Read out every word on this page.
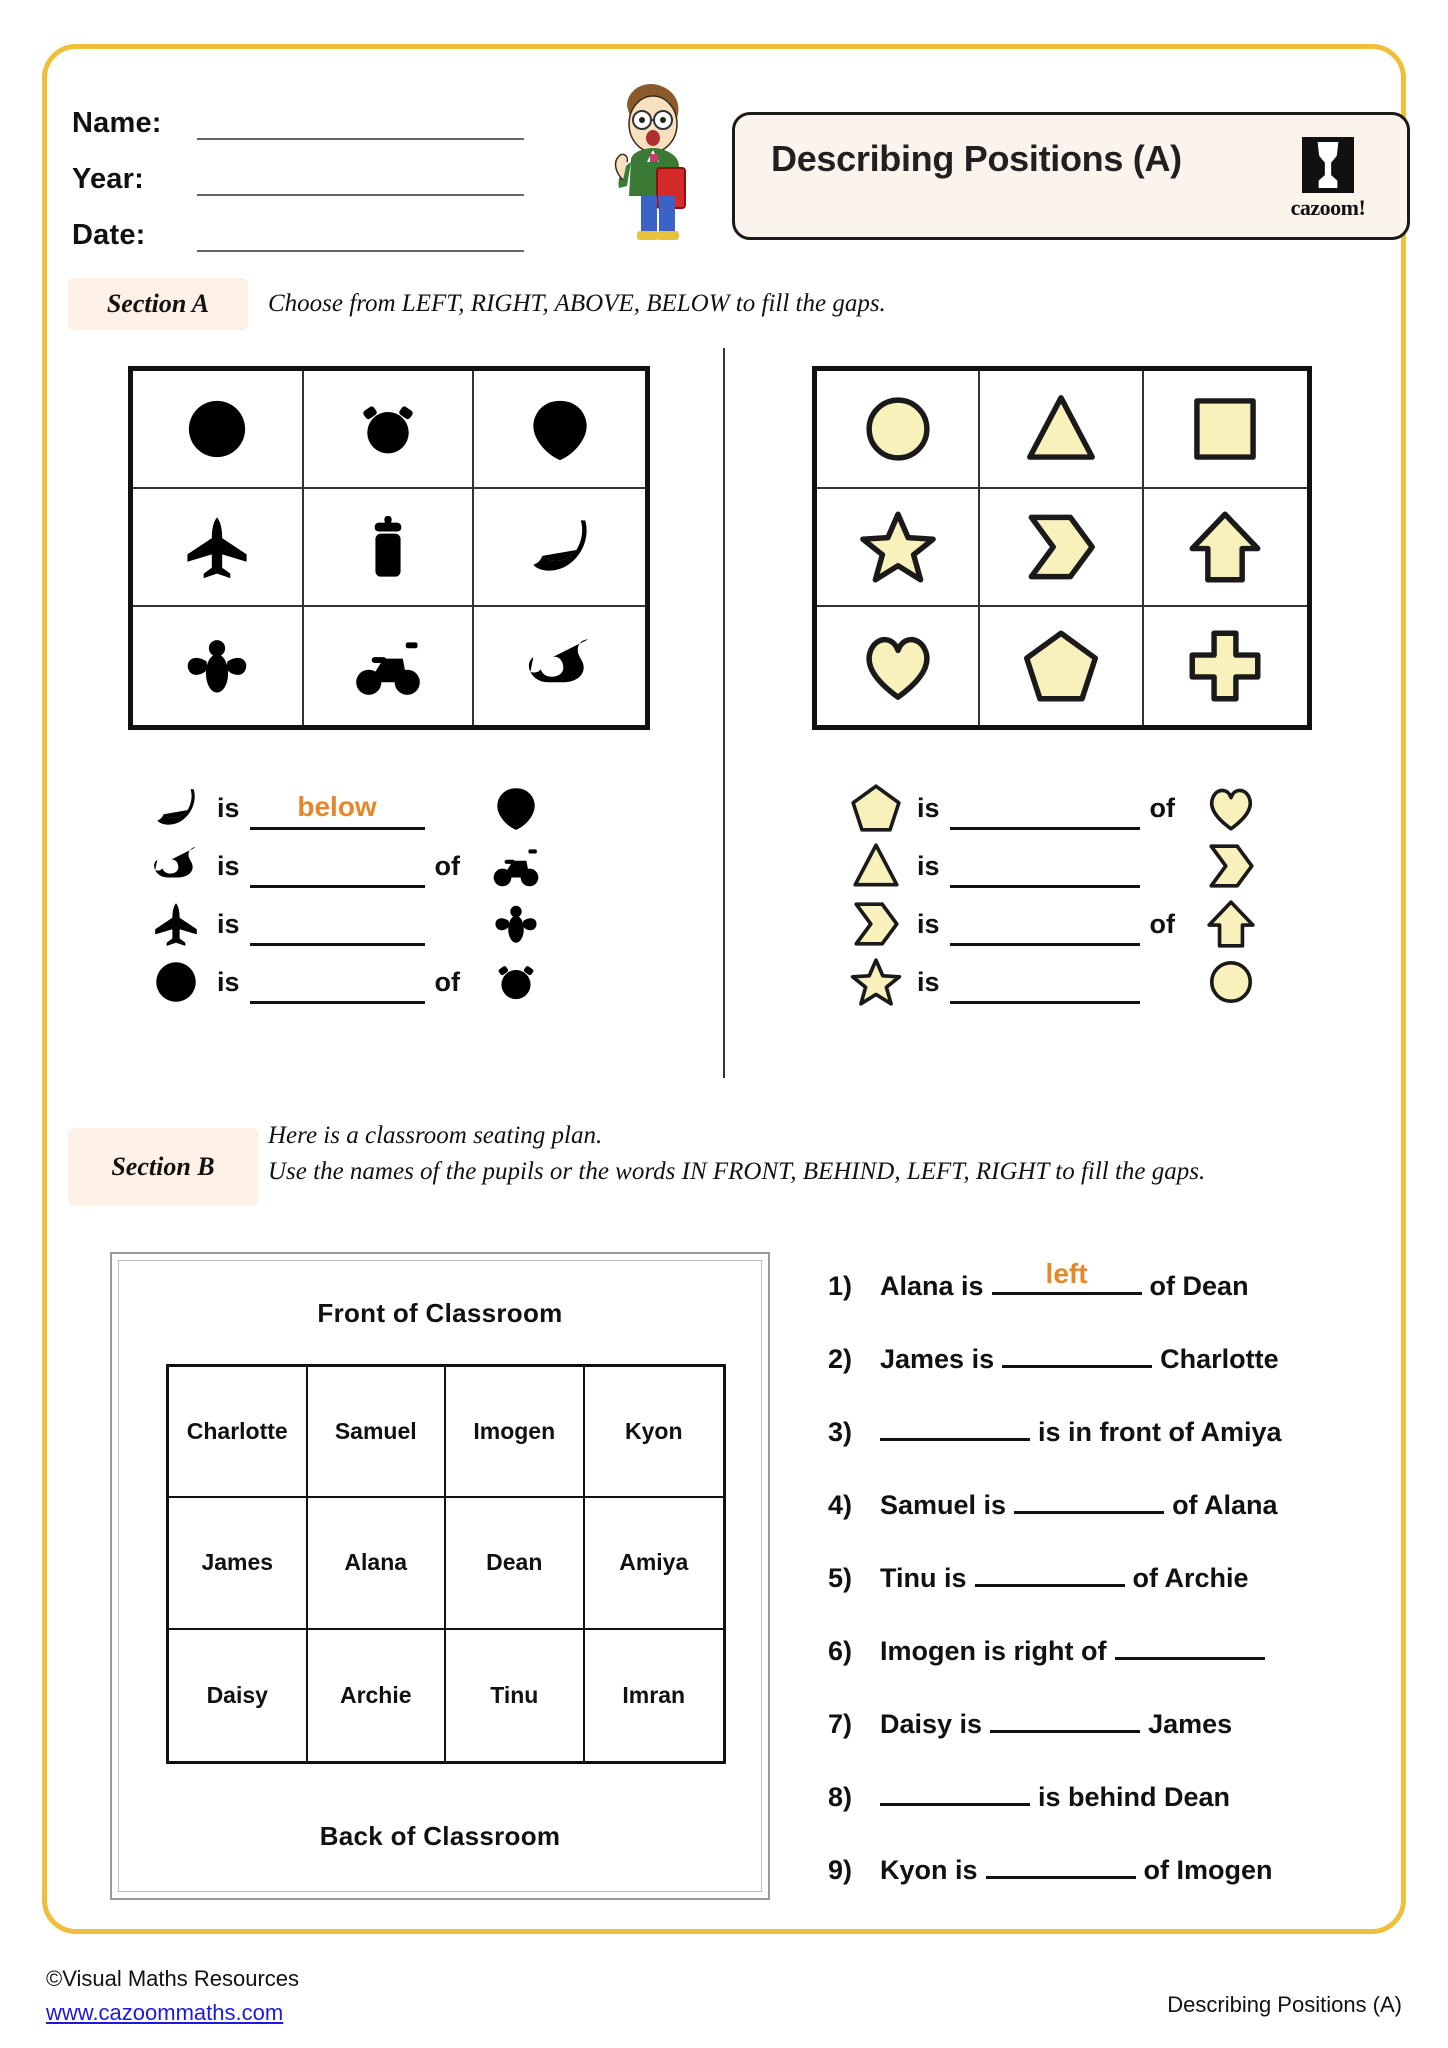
Name:
Year:
Date:
Describing Positions (A)
cazoom!
Section A	Choose from LEFT, RIGHT, ABOVE, BELOW to fill the gaps.
is	below
is	of
is
is	of
is	of
is
is	of
is
Section B
Here is a classroom seating plan.
Use the names of the pupils or the words IN FRONT, BEHIND, LEFT, RIGHT to fill the gaps.
Front of Classroom
Charlotte	Samuel	Imogen	Kyon
James	Alana	Dean	Amiya
Daisy	Archie	Tinu	Imran
Back of Classroom
1)	Alana is	left	of Dean
2)	James is	Charlotte
3)	is in front of Amiya
4)	Samuel is	of Alana
5)	Tinu is	of Archie
6)	Imogen is right of
7)	Daisy is	James
8)	is behind Dean
9)	Kyon is	of Imogen
©Visual Maths Resources
www.cazoommaths.com	Describing Positions (A)
